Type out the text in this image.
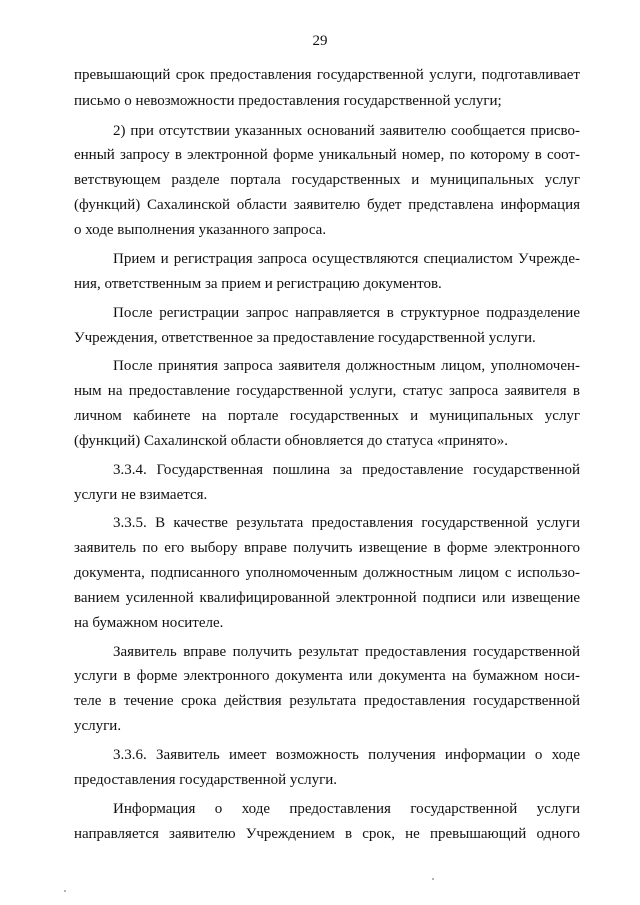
29
превышающий срок предоставления государственной услуги, подготавливает
письмо о невозможности предоставления государственной услуги;
2) при отсутствии указанных оснований заявителю сообщается присво-
енный запросу в электронной форме уникальный номер, по которому в соот-
ветствующем разделе портала государственных и муниципальных услуг
(функций) Сахалинской области заявителю будет представлена информация
о ходе выполнения указанного запроса.
Прием и регистрация запроса осуществляются специалистом Учрежде-
ния, ответственным за прием и регистрацию документов.
После регистрации запрос направляется в структурное подразделение
Учреждения, ответственное за предоставление государственной услуги.
После принятия запроса заявителя должностным лицом, уполномочен-
ным на предоставление государственной услуги, статус запроса заявителя в
личном кабинете на портале государственных и муниципальных услуг
(функций) Сахалинской области обновляется до статуса «принято».
3.3.4. Государственная пошлина за предоставление государственной
услуги не взимается.
3.3.5. В качестве результата предоставления государственной услуги
заявитель по его выбору вправе получить извещение в форме электронного
документа, подписанного уполномоченным должностным лицом с использо-
ванием усиленной квалифицированной электронной подписи или извещение
на бумажном носителе.
Заявитель вправе получить результат предоставления государственной
услуги в форме электронного документа или документа на бумажном носи-
теле в течение срока действия результата предоставления государственной
услуги.
3.3.6. Заявитель имеет возможность получения информации о ходе
предоставления государственной услуги.
Информация о ходе предоставления государственной услуги
направляется заявителю Учреждением в срок, не превышающий одного
